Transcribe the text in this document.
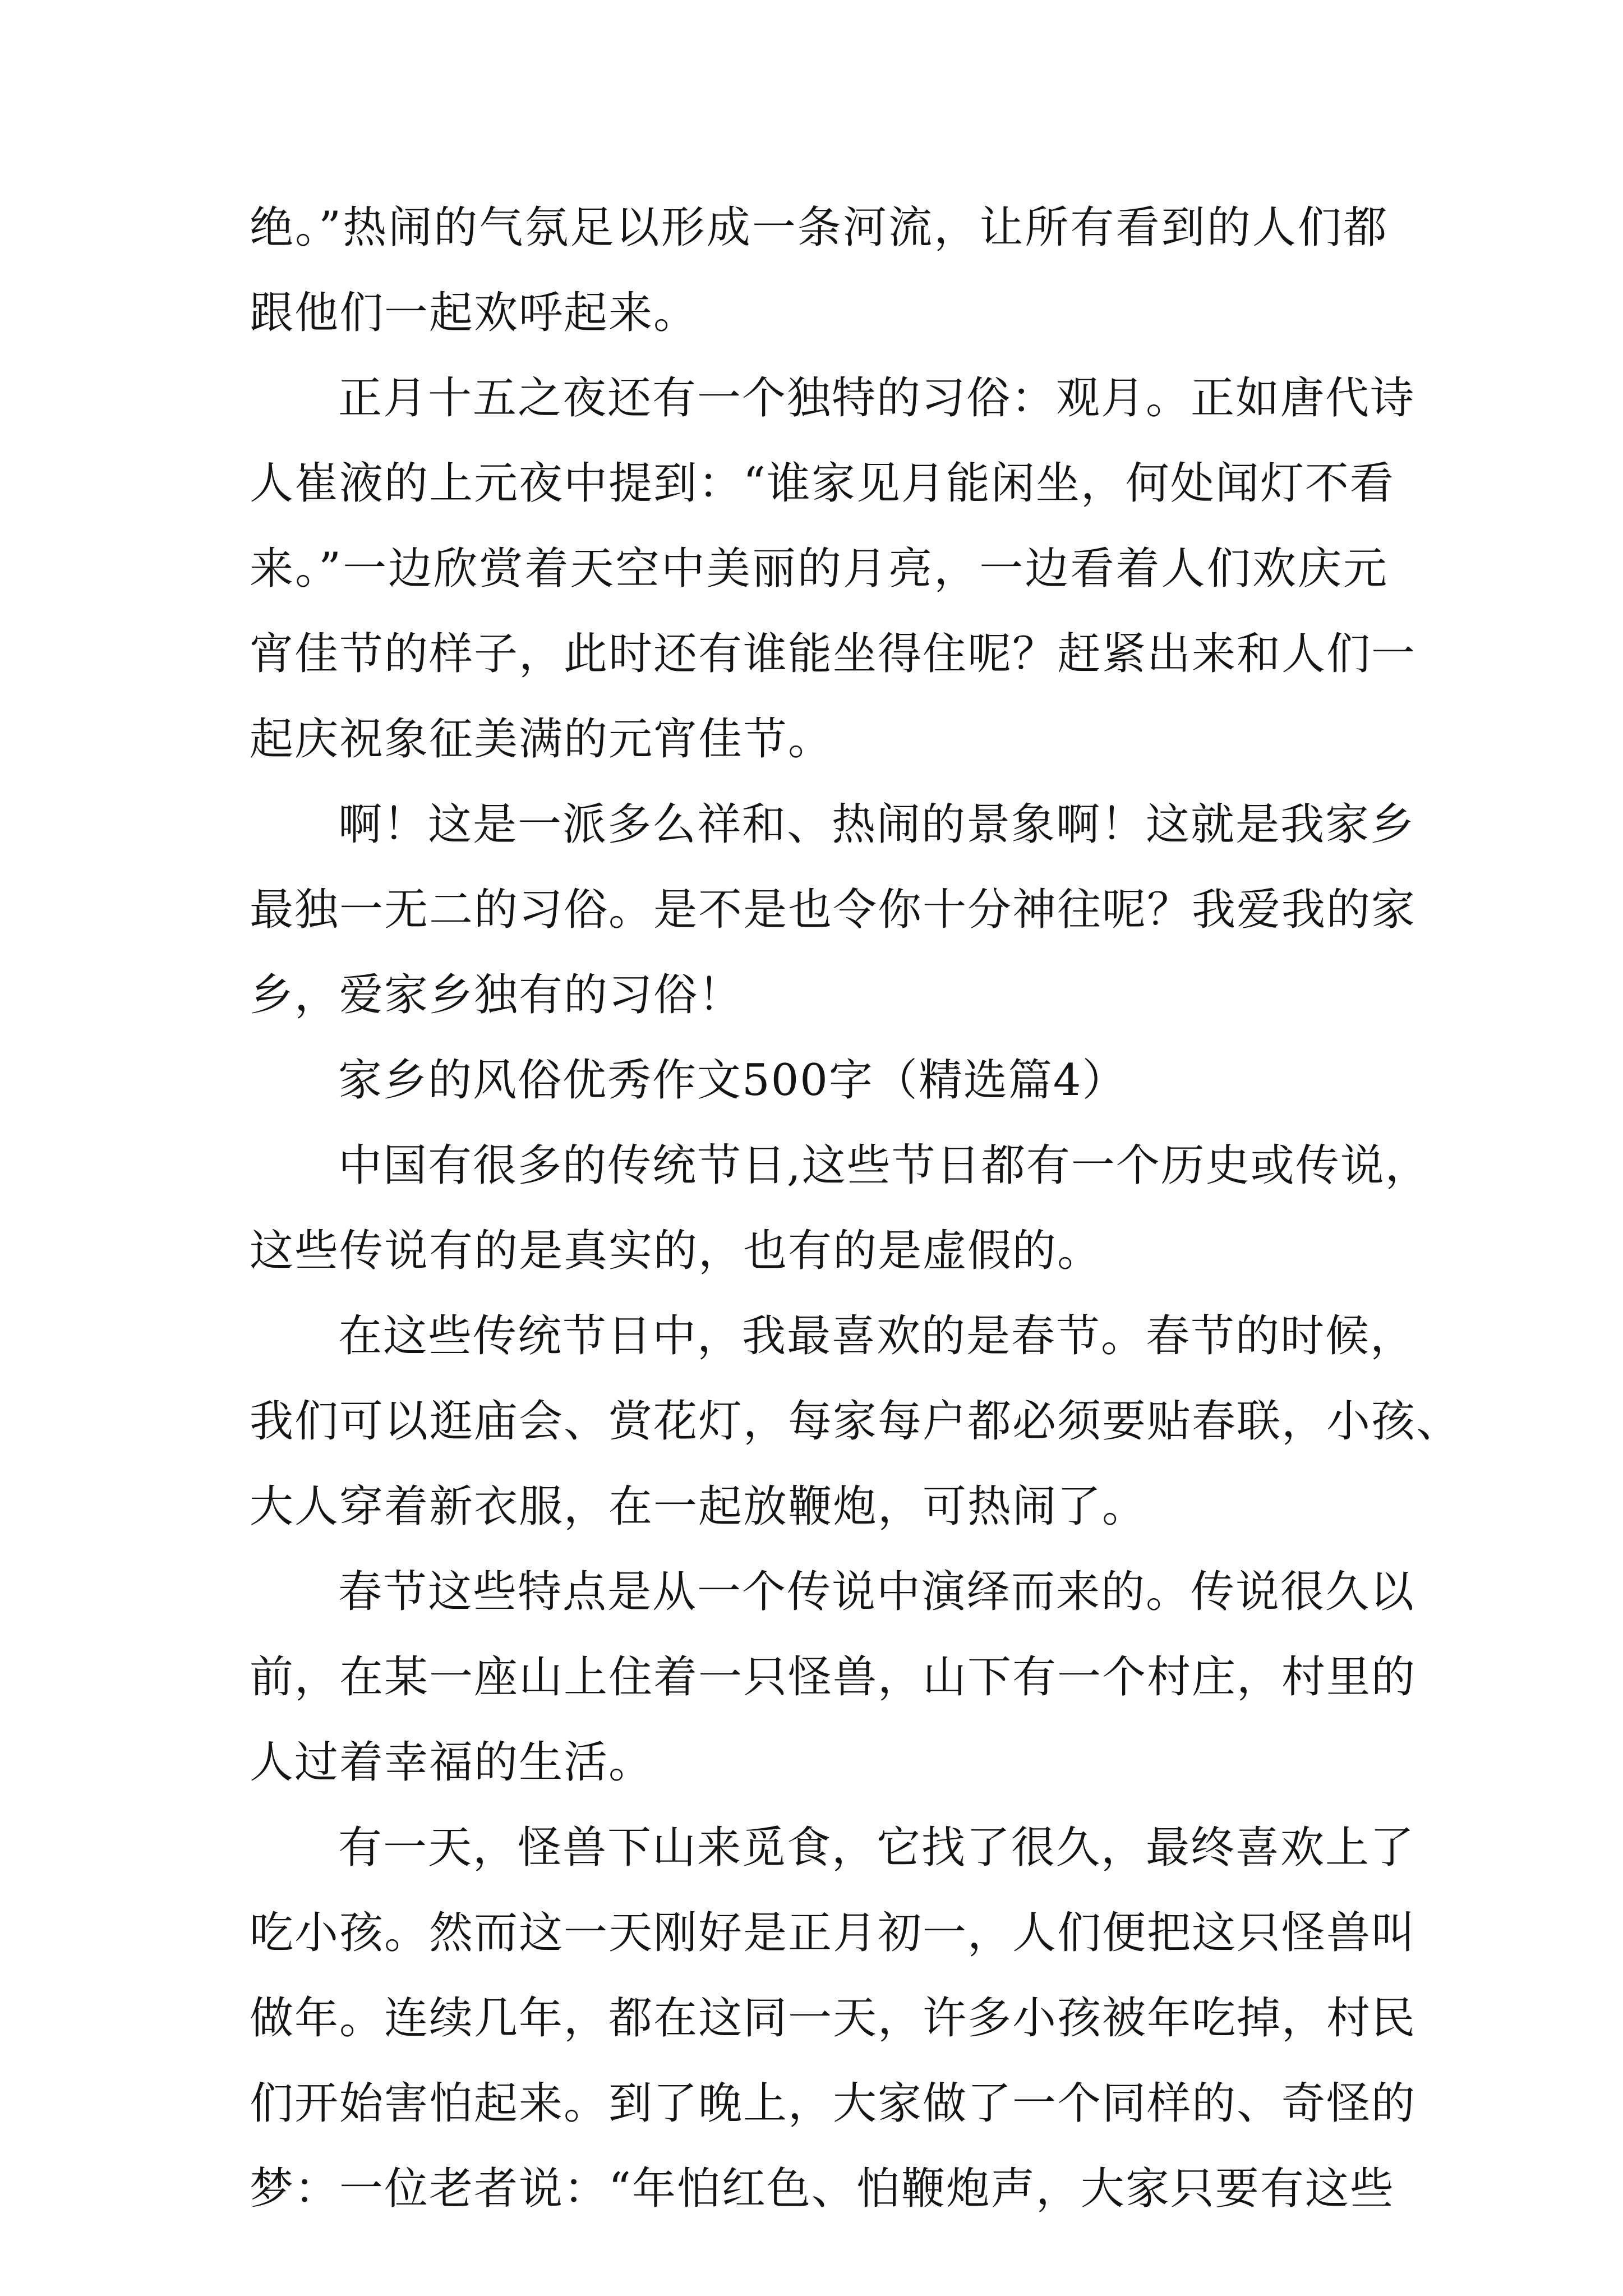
绝。”热闹的气氛足以形成一条河流，让所有看到的人们都
跟他们一起欢呼起来。
正月十五之夜还有一个独特的习俗：观月。正如唐代诗
人崔液的上元夜中提到：“谁家见月能闲坐，何处闻灯不看
来。”一边欣赏着天空中美丽的月亮，一边看着人们欢庆元
宵佳节的样子，此时还有谁能坐得住呢？赶紧出来和人们一
起庆祝象征美满的元宵佳节。
啊！这是一派多么祥和、热闹的景象啊！这就是我家乡
最独一无二的习俗。是不是也令你十分神往呢？我爱我的家
乡，爱家乡独有的习俗！
家乡的风俗优秀作文500字（精选篇4）
中国有很多的传统节日,这些节日都有一个历史或传说，
这些传说有的是真实的，也有的是虚假的。
在这些传统节日中，我最喜欢的是春节。春节的时候，
我们可以逛庙会、赏花灯，每家每户都必须要贴春联，小孩、
大人穿着新衣服，在一起放鞭炮，可热闹了。
春节这些特点是从一个传说中演绎而来的。传说很久以
前，在某一座山上住着一只怪兽，山下有一个村庄，村里的
人过着幸福的生活。
有一天，怪兽下山来觅食，它找了很久，最终喜欢上了
吃小孩。然而这一天刚好是正月初一，人们便把这只怪兽叫
做年。连续几年，都在这同一天，许多小孩被年吃掉，村民
们开始害怕起来。到了晚上，大家做了一个同样的、奇怪的
梦：一位老者说：“年怕红色、怕鞭炮声，大家只要有这些
